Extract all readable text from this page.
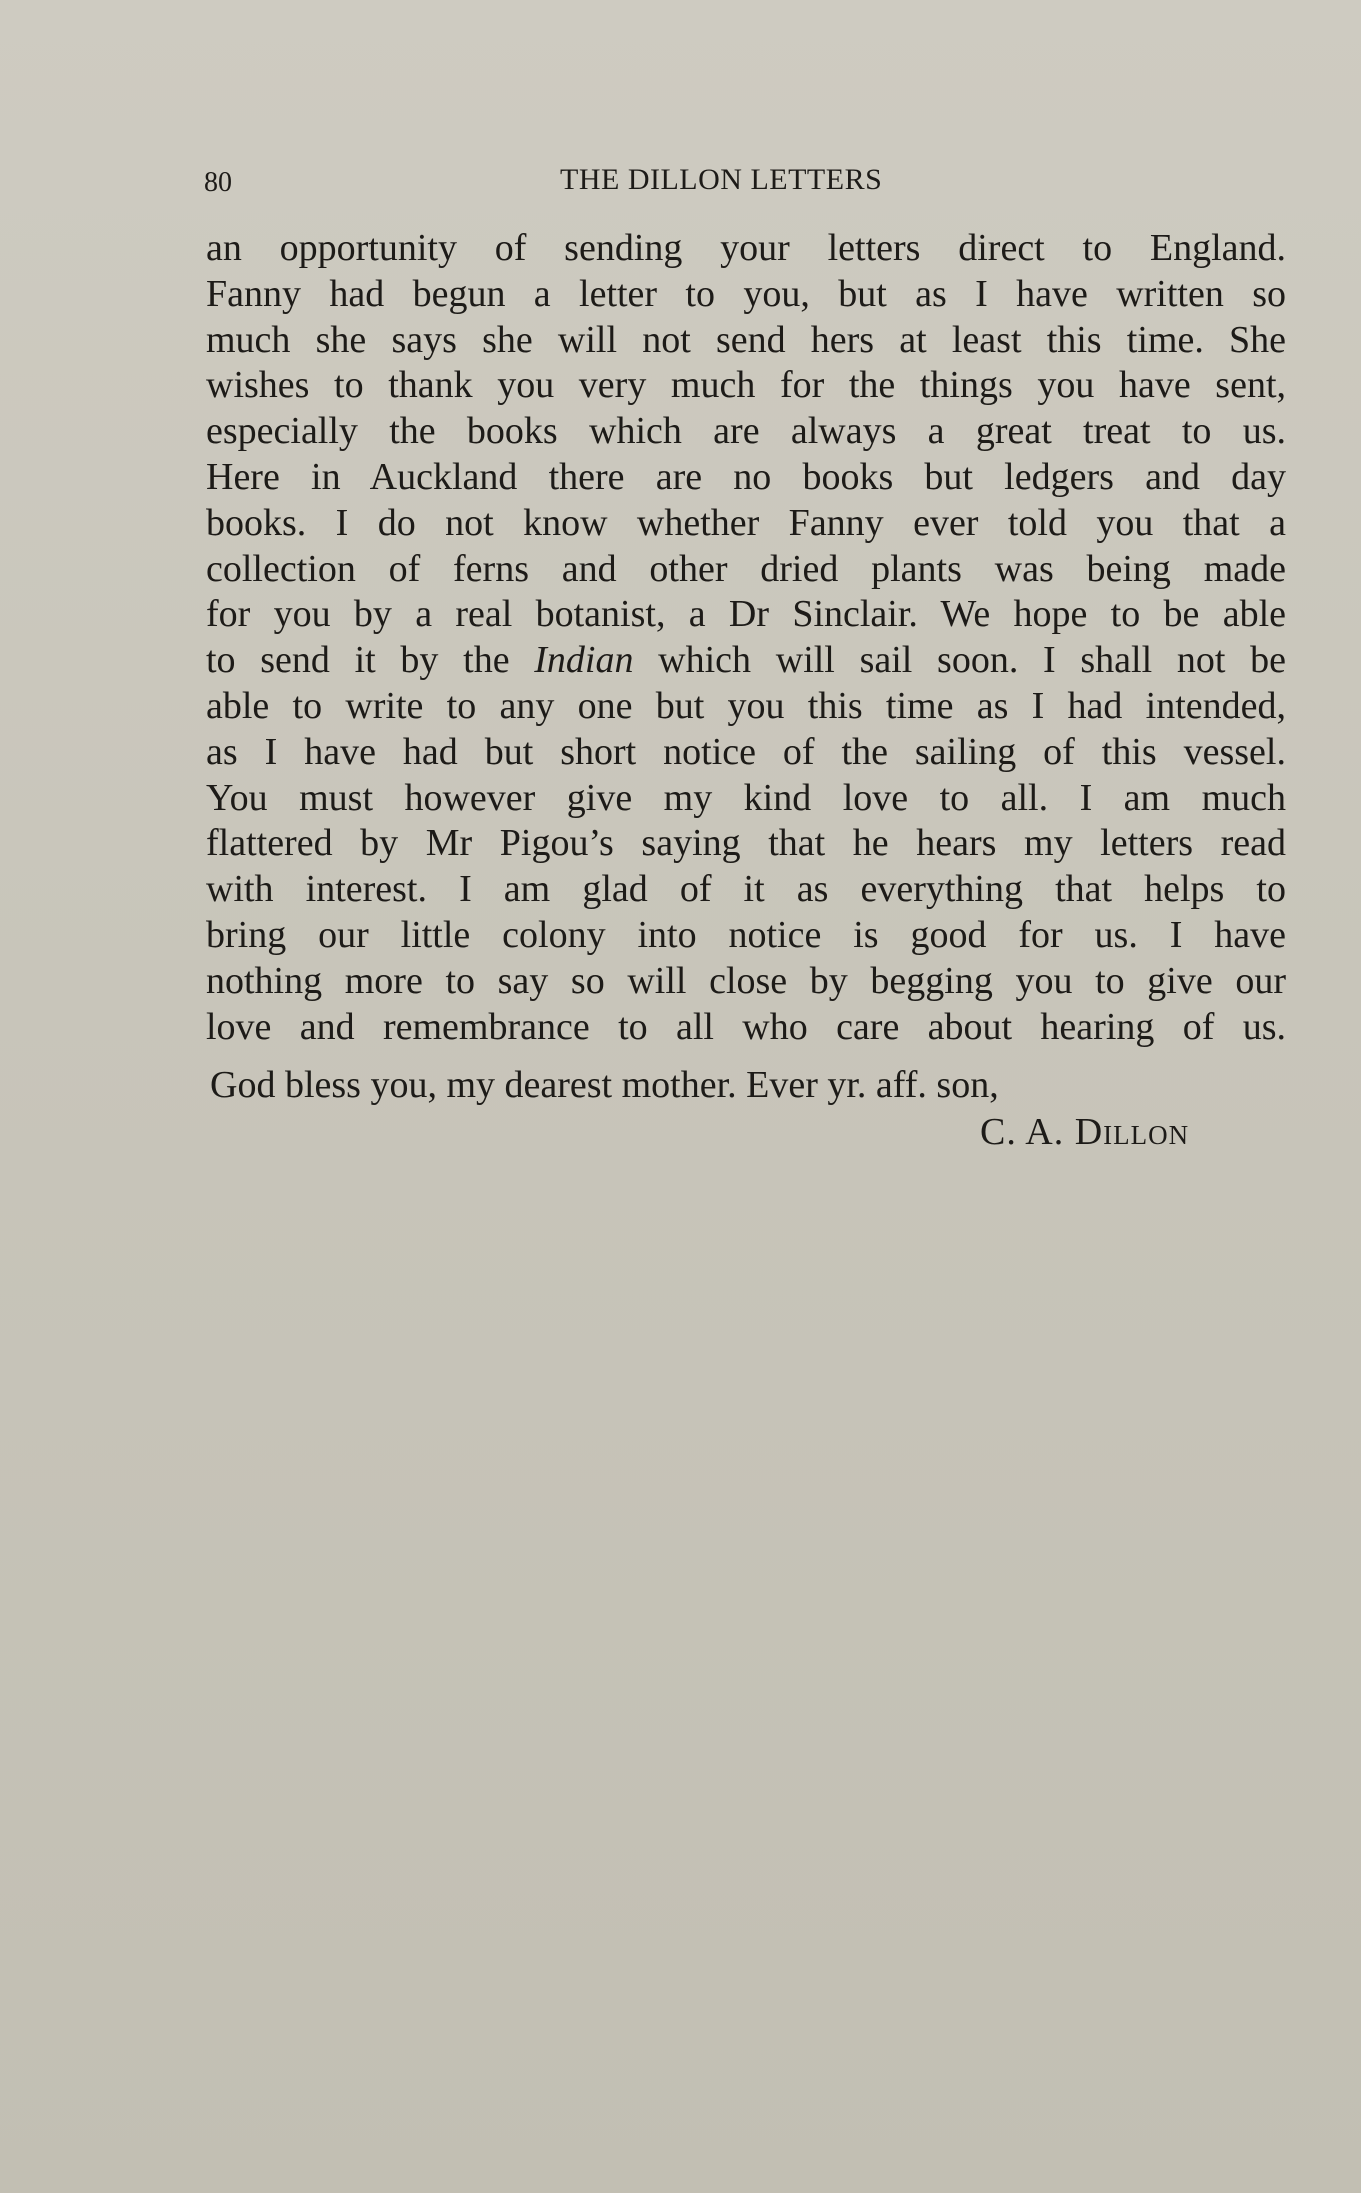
80	THE DILLON LETTERS
an opportunity of sending your letters direct to England.
Fanny had begun a letter to you, but as I have written so
much she says she will not send hers at least this time. She
wishes to thank you very much for the things you have sent,
especially the books which are always a great treat to us.
Here in Auckland there are no books but ledgers and day
books. I do not know whether Fanny ever told you that a
collection of ferns and other dried plants was being made
for you by a real botanist, a Dr Sinclair. We hope to be able
to send it by the Indian which will sail soon. I shall not be
able to write to any one but you this time as I had intended,
as I have had but short notice of the sailing of this vessel.
You must however give my kind love to all. I am much
flattered by Mr Pigou’s saying that he hears my letters read
with interest. I am glad of it as everything that helps to
bring our little colony into notice is good for us. I have
nothing more to say so will close by begging you to give our
love and remembrance to all who care about hearing of us.
God bless you, my dearest mother. Ever yr. aff. son,
C. A. Dillon
